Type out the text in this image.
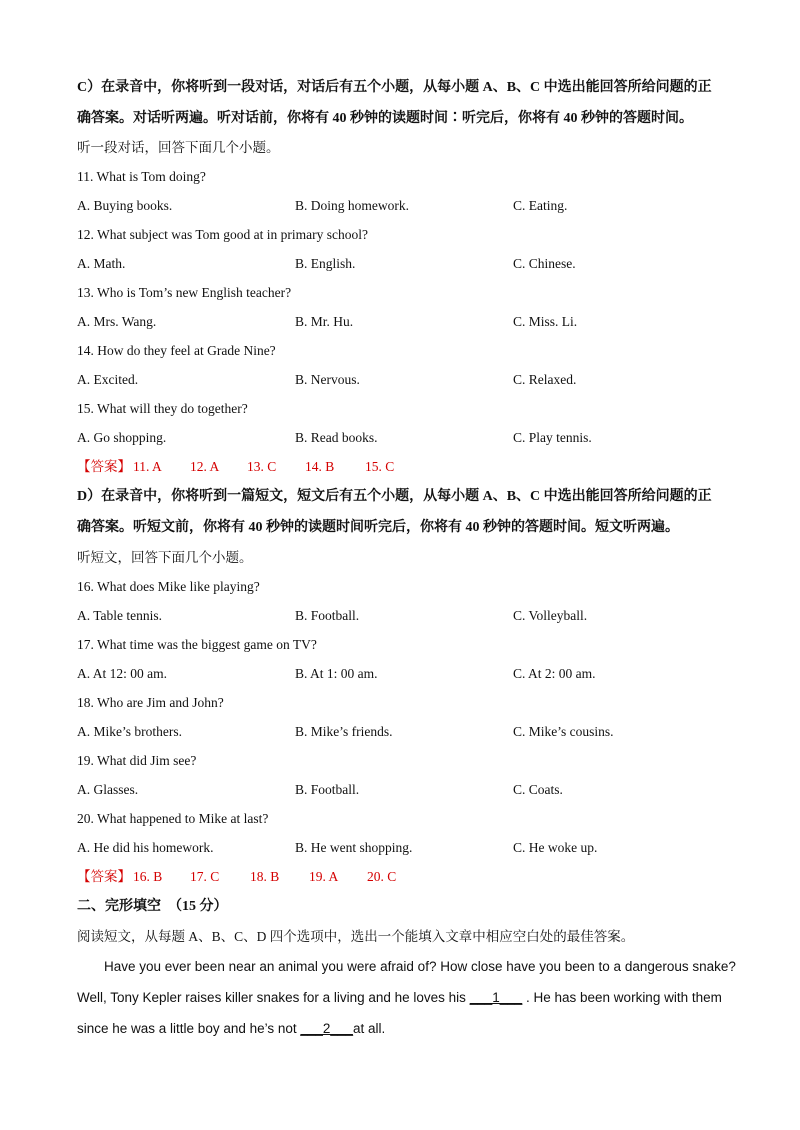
C）在录音中，你将听到一段对话，对话后有五个小题，从每小题 A、B、C 中选出能回答所给问题的正
确答案。对话听两遍。听对话前，你将有 40 秒钟的读题时间∶听完后，你将有 40 秒钟的答题时间。
听一段对话，回答下面几个小题。
11. What is Tom doing?
A. Buying books.	B. Doing homework.	C. Eating.
12. What subject was Tom good at in primary school?
A. Math.	B. English.	C. Chinese.
13. Who is Tom’s new English teacher?
A. Mrs. Wang.	B. Mr. Hu.	C. Miss. Li.
14. How do they feel at Grade Nine?
A. Excited.	B. Nervous.	C. Relaxed.
15. What will they do together?
A. Go shopping.	B. Read books.	C. Play tennis.
【答案】 11. A 12. A 13. C 14. B 15. C
D）在录音中，你将听到一篇短文，短文后有五个小题，从每小题 A、B、C 中选出能回答所给问题的正
确答案。听短文前，你将有 40 秒钟的读题时间听完后，你将有 40 秒钟的答题时间。短文听两遍。
听短文，回答下面几个小题。
16. What does Mike like playing?
A. Table tennis.	B. Football.	C. Volleyball.
17. What time was the biggest game on TV?
A. At 12: 00 am.	B. At 1: 00 am.	C. At 2: 00 am.
18. Who are Jim and John?
A. Mike’s brothers.	B. Mike’s friends.	C. Mike’s cousins.
19. What did Jim see?
A. Glasses.	B. Football.	C. Coats.
20. What happened to Mike at last?
A. He did his homework.	B. He went shopping.	C. He woke up.
【答案】 16. B 17. C 18. B 19. A 20. C
二、完形填空　（15 分）
阅读短文，从每题 A、B、C、D 四个选项中，选出一个能填入文章中相应空白处的最佳答案。
Have you ever been near an animal you were afraid of? How close have you been to a dangerous snake?
Well, Tony Kepler raises killer snakes for a living and he loves his ___1___ . He has been working with them
since he was a little boy and he’s not ___2___at all.
